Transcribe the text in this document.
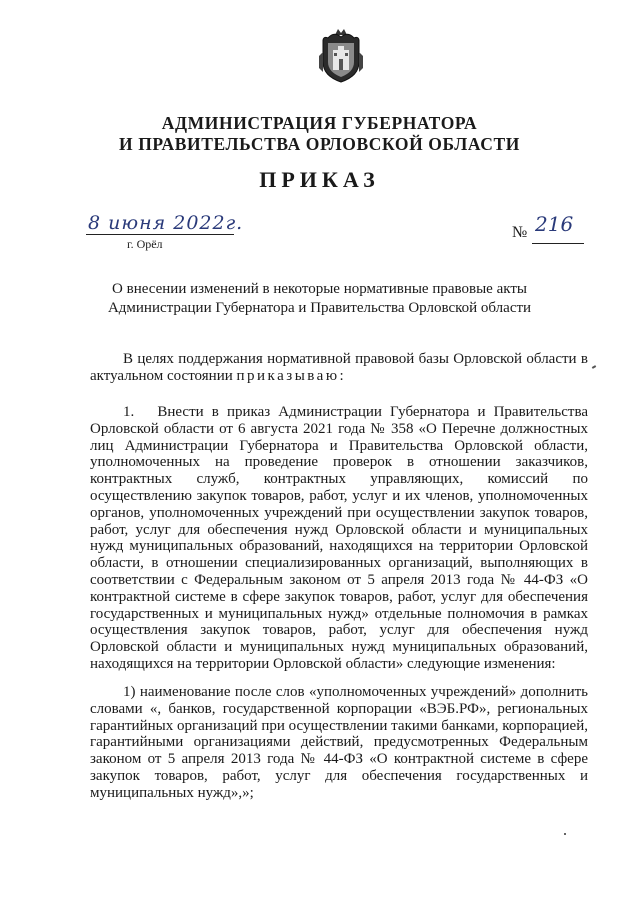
АДМИНИСТРАЦИЯ ГУБЕРНАТОРА
И ПРАВИТЕЛЬСТВА ОРЛОВСКОЙ ОБЛАСТИ
ПРИКАЗ
8 июня 2022г.
г. Орёл
№ 216
О внесении изменений в некоторые нормативные правовые акты
Администрации Губернатора и Правительства Орловской области

В целях поддержания нормативной правовой базы Орловской области в актуальном состоянии приказываю:

1.  Внести в приказ Администрации Губернатора и Правительства Орловской области от 6 августа 2021 года № 358 «О Перечне должностных лиц Администрации Губернатора и Правительства Орловской области, уполномоченных на проведение проверок в отношении заказчиков, контрактных служб, контрактных управляющих, комиссий по осуществлению закупок товаров, работ, услуг и их членов, уполномоченных органов, уполномоченных учреждений при осуществлении закупок товаров, работ, услуг для обеспечения нужд Орловской области и муниципальных нужд муниципальных образований, находящихся на территории Орловской области, в отношении специализированных организаций, выполняющих в соответствии с Федеральным законом от 5 апреля 2013 года № 44-ФЗ «О контрактной системе в сфере закупок товаров, работ, услуг для обеспечения государственных и муниципальных нужд» отдельные полномочия в рамках осуществления закупок товаров, работ, услуг для обеспечения нужд Орловской области и муниципальных нужд муниципальных образований, находящихся на территории Орловской области» следующие изменения:

1) наименование после слов «уполномоченных учреждений» дополнить словами «, банков, государственной корпорации «ВЭБ.РФ», региональных гарантийных организаций при осуществлении такими банками, корпорацией, гарантийными организациями действий, предусмотренных Федеральным законом от 5 апреля 2013 года № 44-ФЗ «О контрактной системе в сфере закупок товаров, работ, услуг для обеспечения государственных и муниципальных нужд»,»;
